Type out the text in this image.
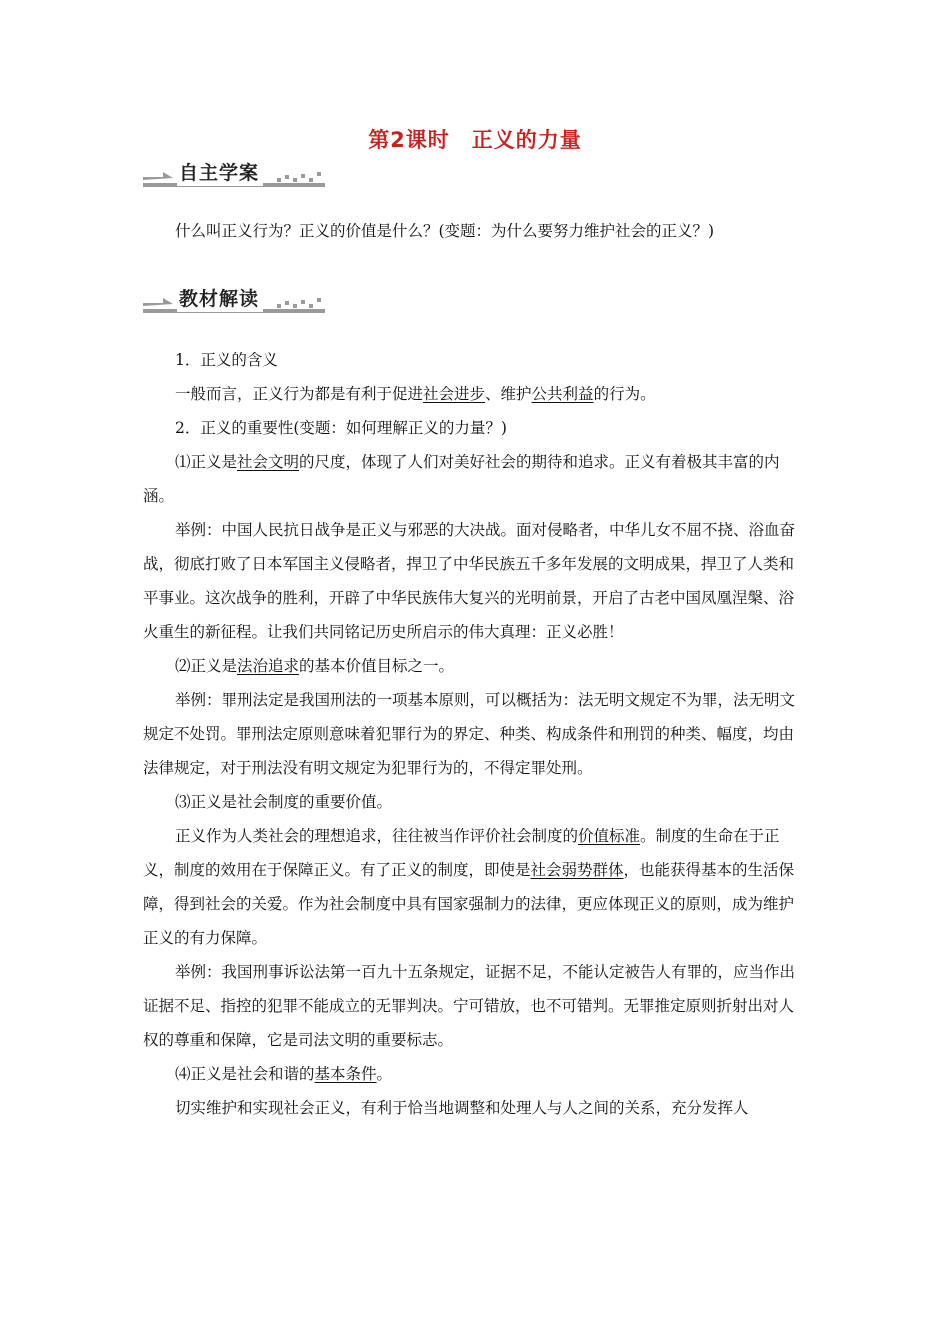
第2课时　正义的力量
自主学案

什么叫正义行为？正义的价值是什么？(变题：为什么要努力维护社会的正义？)

教材解读

1．正义的含义

一般而言，正义行为都是有利于促进社会进步、维护公共利益的行为。

2．正义的重要性(变题：如何理解正义的力量？)

⑴正义是社会文明的尺度，体现了人们对美好社会的期待和追求。正义有着极其丰富的内涵。

举例：中国人民抗日战争是正义与邪恶的大决战。面对侵略者，中华儿女不屈不挠、浴血奋战，彻底打败了日本军国主义侵略者，捍卫了中华民族五千多年发展的文明成果，捍卫了人类和平事业。这次战争的胜利，开辟了中华民族伟大复兴的光明前景，开启了古老中国凤凰涅槃、浴火重生的新征程。让我们共同铭记历史所启示的伟大真理：正义必胜！

⑵正义是法治追求的基本价值目标之一。

举例：罪刑法定是我国刑法的一项基本原则，可以概括为：法无明文规定不为罪，法无明文规定不处罚。罪刑法定原则意味着犯罪行为的界定、种类、构成条件和刑罚的种类、幅度，均由法律规定，对于刑法没有明文规定为犯罪行为的，不得定罪处刑。

⑶正义是社会制度的重要价值。

正义作为人类社会的理想追求，往往被当作评价社会制度的价值标准。制度的生命在于正义，制度的效用在于保障正义。有了正义的制度，即使是社会弱势群体，也能获得基本的生活保障，得到社会的关爱。作为社会制度中具有国家强制力的法律，更应体现正义的原则，成为维护正义的有力保障。

举例：我国刑事诉讼法第一百九十五条规定，证据不足，不能认定被告人有罪的，应当作出证据不足、指控的犯罪不能成立的无罪判决。宁可错放，也不可错判。无罪推定原则折射出对人权的尊重和保障，它是司法文明的重要标志。

⑷正义是社会和谐的基本条件。

切实维护和实现社会正义，有利于恰当地调整和处理人与人之间的关系，充分发挥人
